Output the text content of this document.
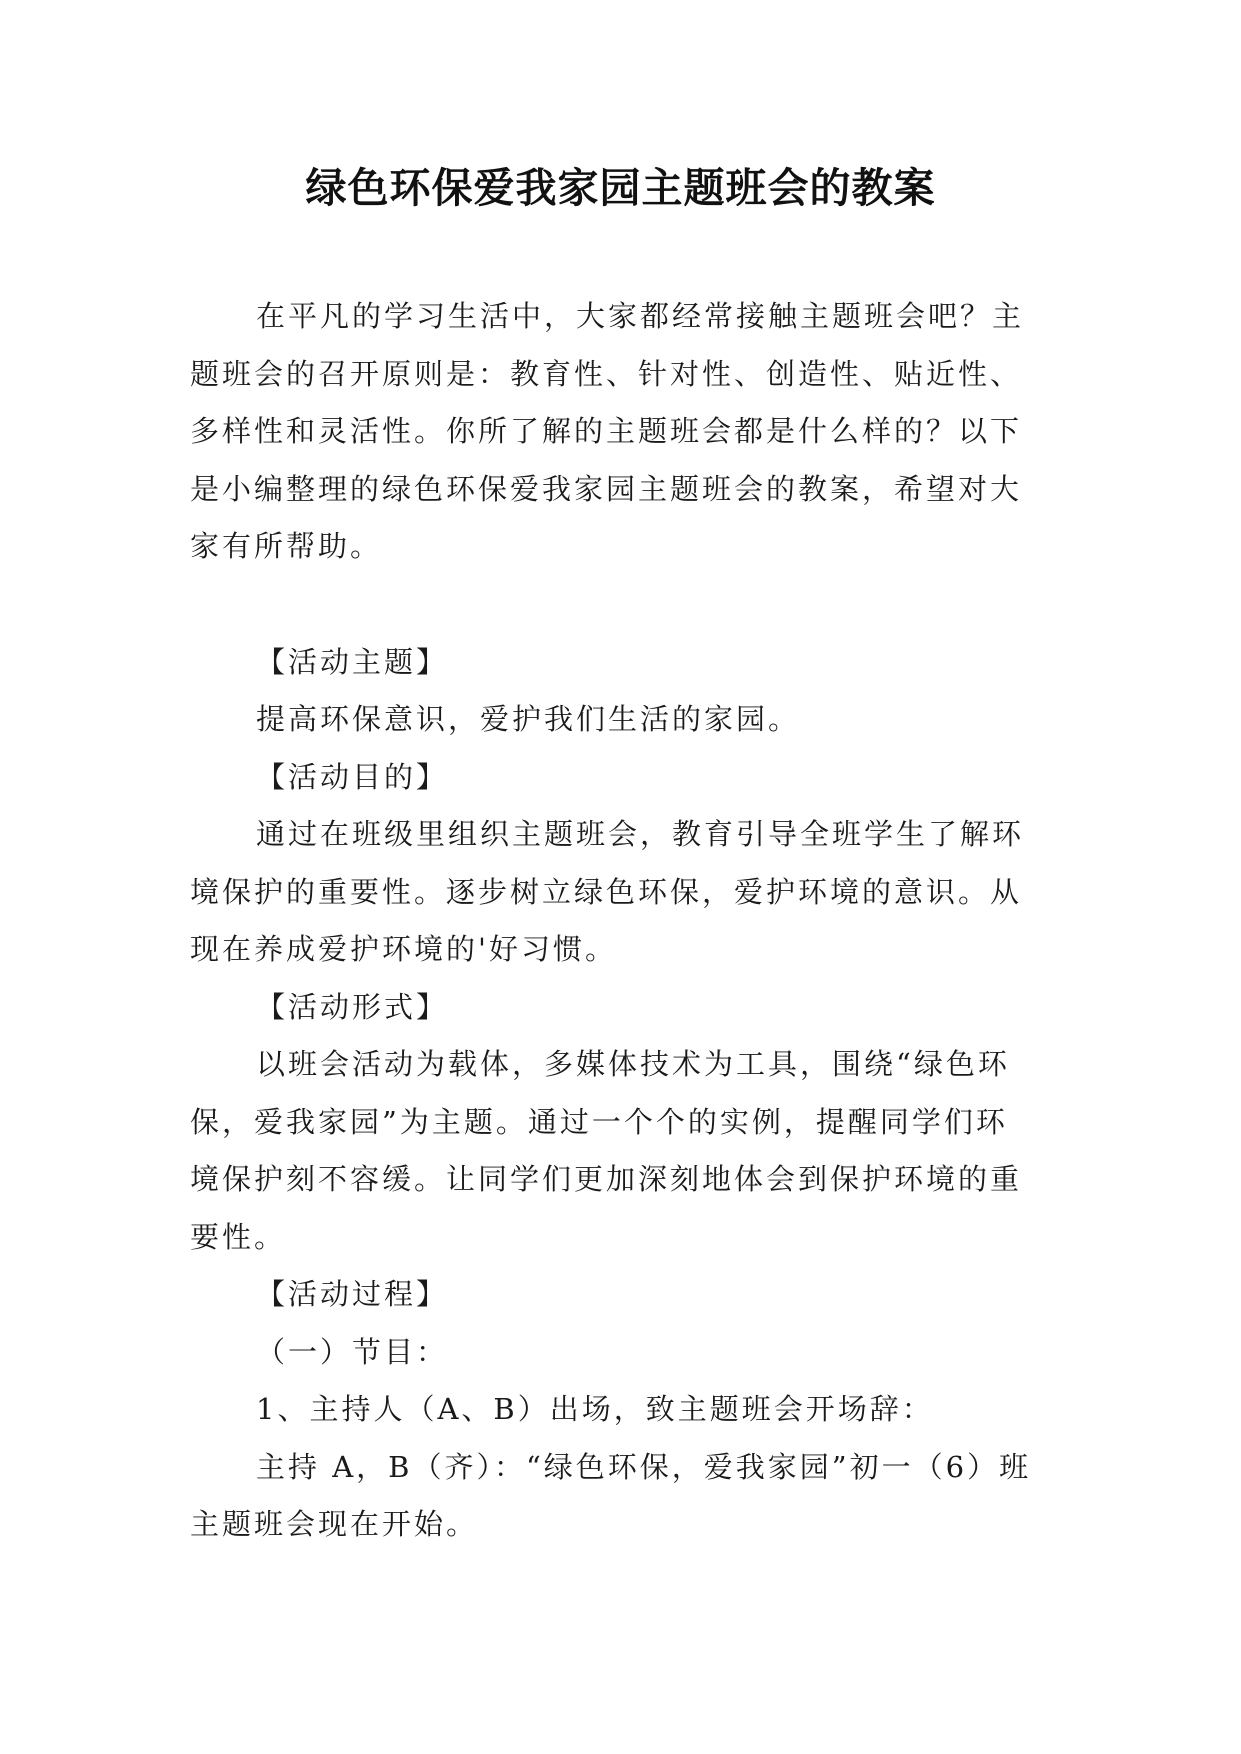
绿色环保爱我家园主题班会的教案

在平凡的学习生活中，大家都经常接触主题班会吧？主

题班会的召开原则是：教育性、针对性、创造性、贴近性、

多样性和灵活性。你所了解的主题班会都是什么样的？以下

是小编整理的绿色环保爱我家园主题班会的教案，希望对大

家有所帮助。

【活动主题】

提高环保意识，爱护我们生活的家园。

【活动目的】

通过在班级里组织主题班会，教育引导全班学生了解环

境保护的重要性。逐步树立绿色环保，爱护环境的意识。从

现在养成爱护环境的'好习惯。

【活动形式】

以班会活动为载体，多媒体技术为工具，围绕“绿色环

保，爱我家园”为主题。通过一个个的实例，提醒同学们环

境保护刻不容缓。让同学们更加深刻地体会到保护环境的重

要性。

【活动过程】

（一）节目：

1、主持人（A、B）出场，致主题班会开场辞：

主持 A，B（齐）：“绿色环保，爱我家园”初一（6）班

主题班会现在开始。
